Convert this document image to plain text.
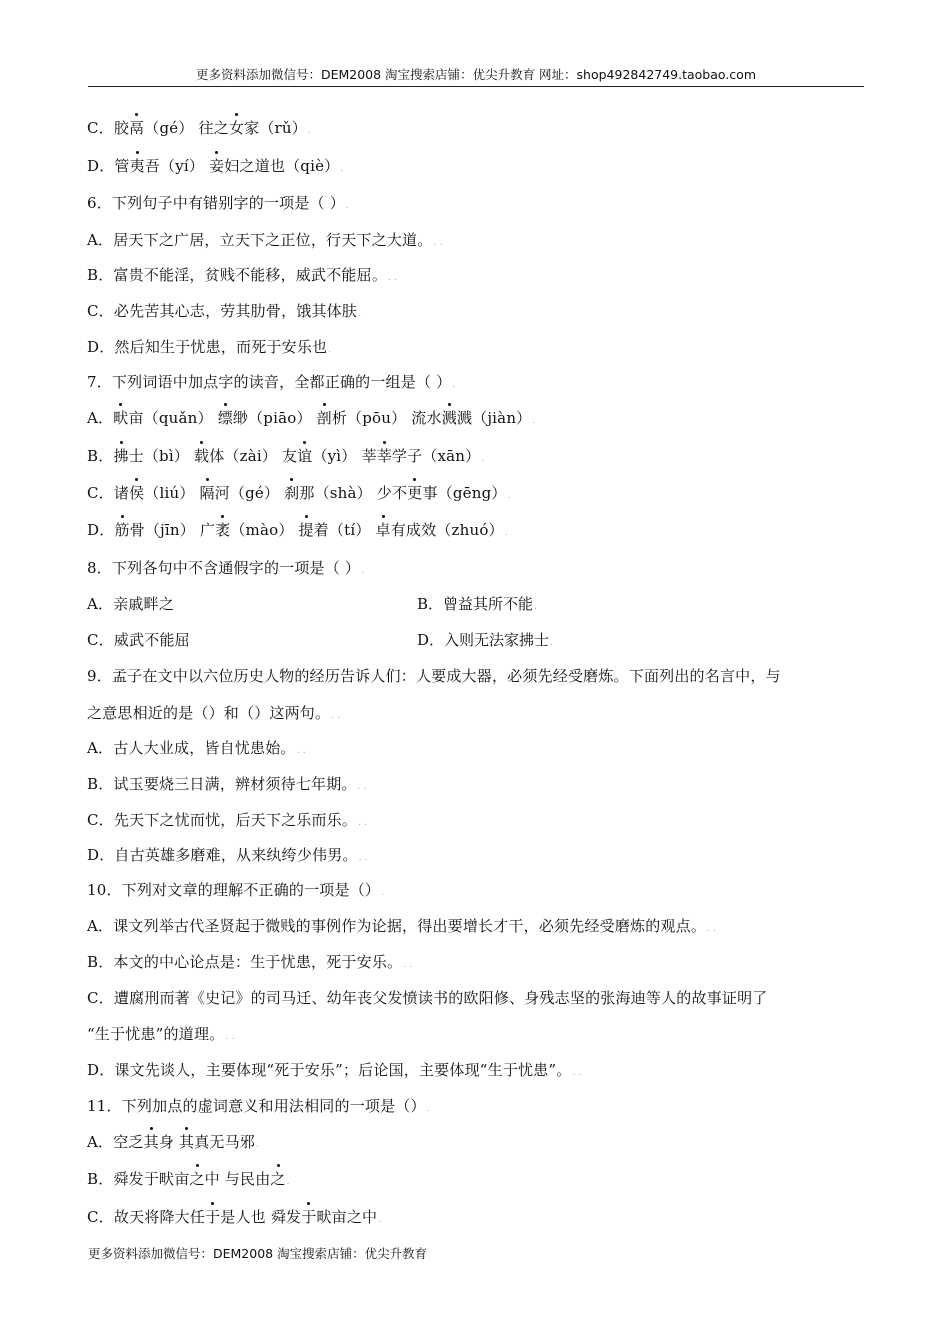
更多资料添加微信号：DEM2008 淘宝搜索店铺：优尖升教育 网址：shop492842749.taobao.com
C．胶鬲（gé） 往之女家（rǔ）.
D．管夷吾（yí） 妾妇之道也（qiè）.
6．下列句子中有错别字的一项是（ ）.
A．居天下之广居，立天下之正位，行天下之大道。. .
B．富贵不能淫，贫贱不能移，威武不能屈。. .
C．必先苦其心志，劳其肋骨，饿其体肤.
D．然后知生于忧患，而死于安乐也.
7．下列词语中加点字的读音，全都正确的一组是（ ）.
A．畎亩（quǎn） 缥缈（piāo） 剖析（pōu） 流水溅溅（jiàn）.
B．拂士（bì） 载体（zài） 友谊（yì） 莘莘学子（xān）.
C．诸侯（liú） 隔河（gé） 刹那（shà） 少不更事（gēng）.
D．筋骨（jīn） 广袤（mào） 提着（tí） 卓有成效（zhuó）.
8．下列各句中不含通假字的一项是（ ）.
A．亲戚畔之	B．曾益其所不能.
C．威武不能屈	D．入则无法家拂士.
9．孟子在文中以六位历史人物的经历告诉人们：人要成大器，必须先经受磨炼。下面列出的名言中，与
之意思相近的是（）和（）这两句。. .
A．古人大业成，皆自忧患始。. .
B．试玉要烧三日满，辨材须待七年期。. .
C．先天下之忧而忧，后天下之乐而乐。. .
D．自古英雄多磨难，从来纨绔少伟男。. .
10．下列对文章的理解不正确的一项是（）.
A．课文列举古代圣贤起于微贱的事例作为论据，得出要增长才干，必须先经受磨炼的观点。. .
B．本文的中心论点是：生于忧患，死于安乐。. .
C．遭腐刑而著《史记》的司马迁、幼年丧父发愤读书的欧阳修、身残志坚的张海迪等人的故事证明了
“生于忧患”的道理。. .
D．课文先谈人，主要体现“死于安乐”；后论国，主要体现“生于忧患”。. .
11．下列加点的虚词意义和用法相同的一项是（）.
A．空乏其身 其真无马邪.
B．舜发于畎亩之中 与民由之.
C．故天将降大任于是人也 舜发于畎亩之中.
更多资料添加微信号：DEM2008 淘宝搜索店铺：优尖升教育
